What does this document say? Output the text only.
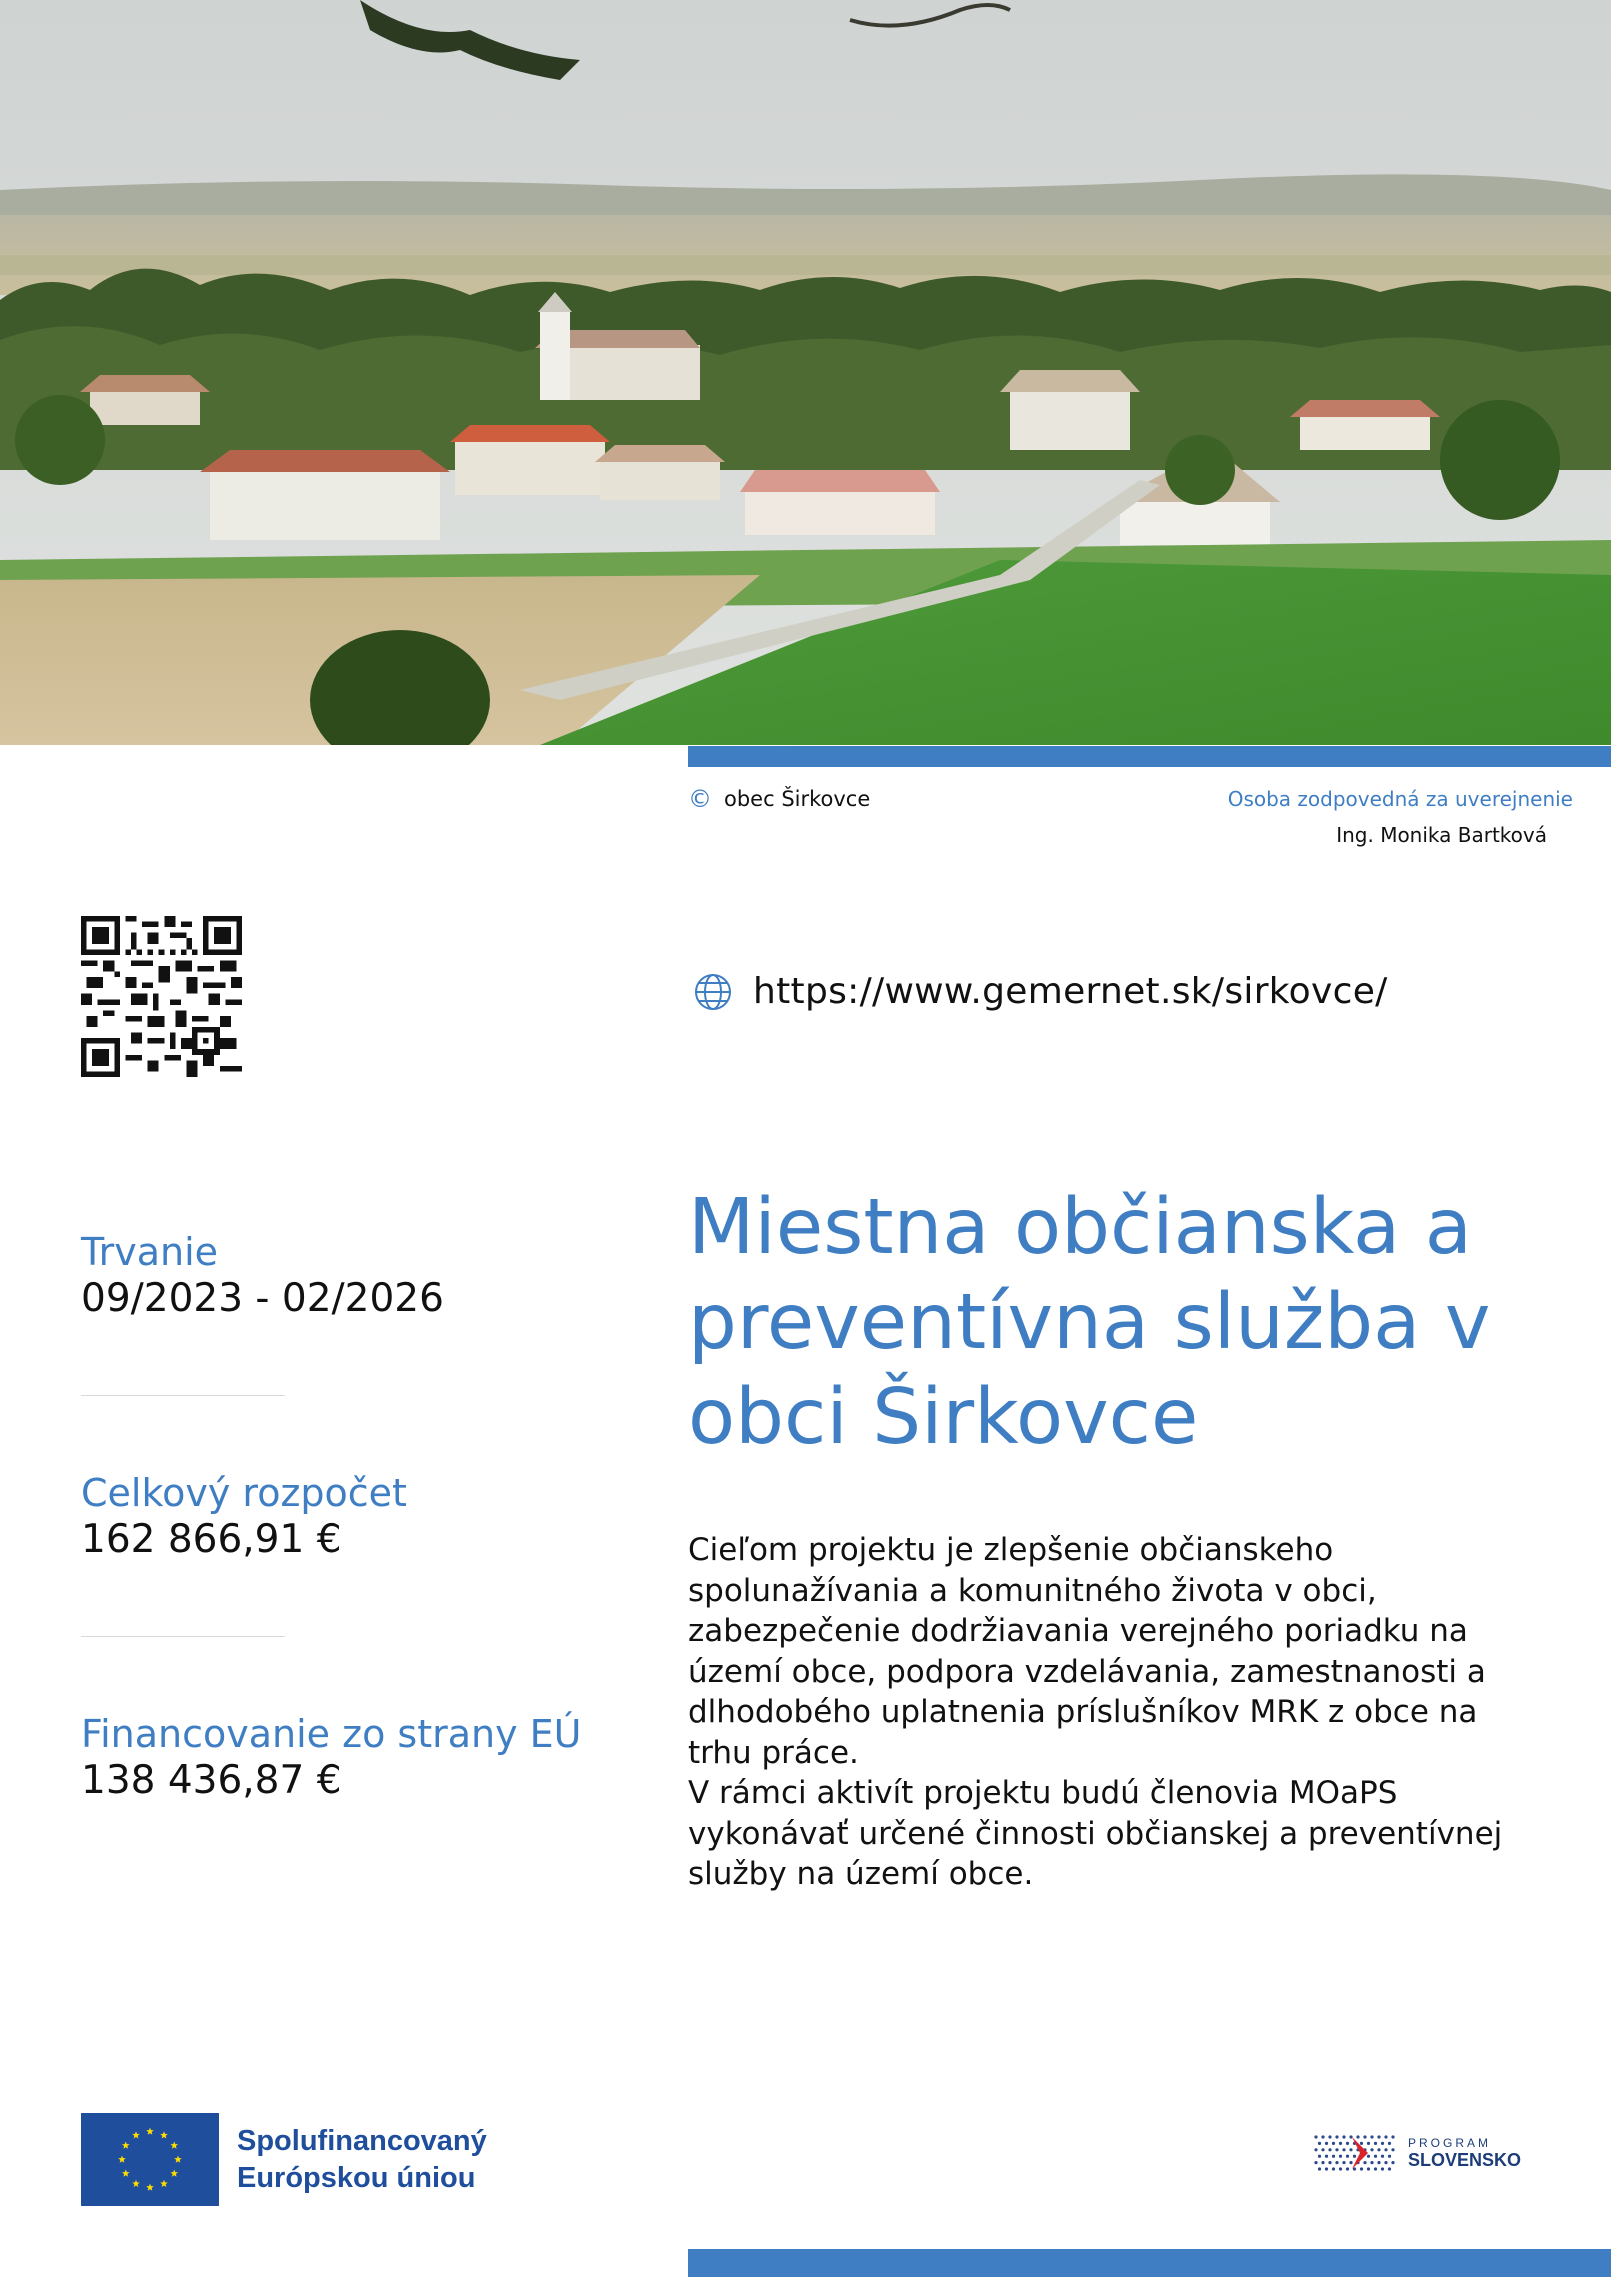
© obec Širkovce	Osoba zodpovedná za uverejnenie
Ing. Monika Bartková
https://www.gemernet.sk/sirkovce/
Trvanie
09/2023 - 02/2026
Celkový rozpočet
162 866,91 €
Financovanie zo strany EÚ
138 436,87 €
Miestna občianska a
preventívna služba v
obci Širkovce

Cieľom projektu je zlepšenie občianskeho

spolunažívania a komunitného života v obci,

zabezpečenie dodržiavania verejného poriadku na

území obce, podpora vzdelávania, zamestnanosti a

dlhodobého uplatnenia príslušníkov MRK z obce na

trhu práce.

V rámci aktivít projektu budú členovia MOaPS

vykonávať určené činnosti občianskej a preventívnej

služby na území obce.

Spolufinancovaný
Európskou úniou
PROGRAM
SLOVENSKO
